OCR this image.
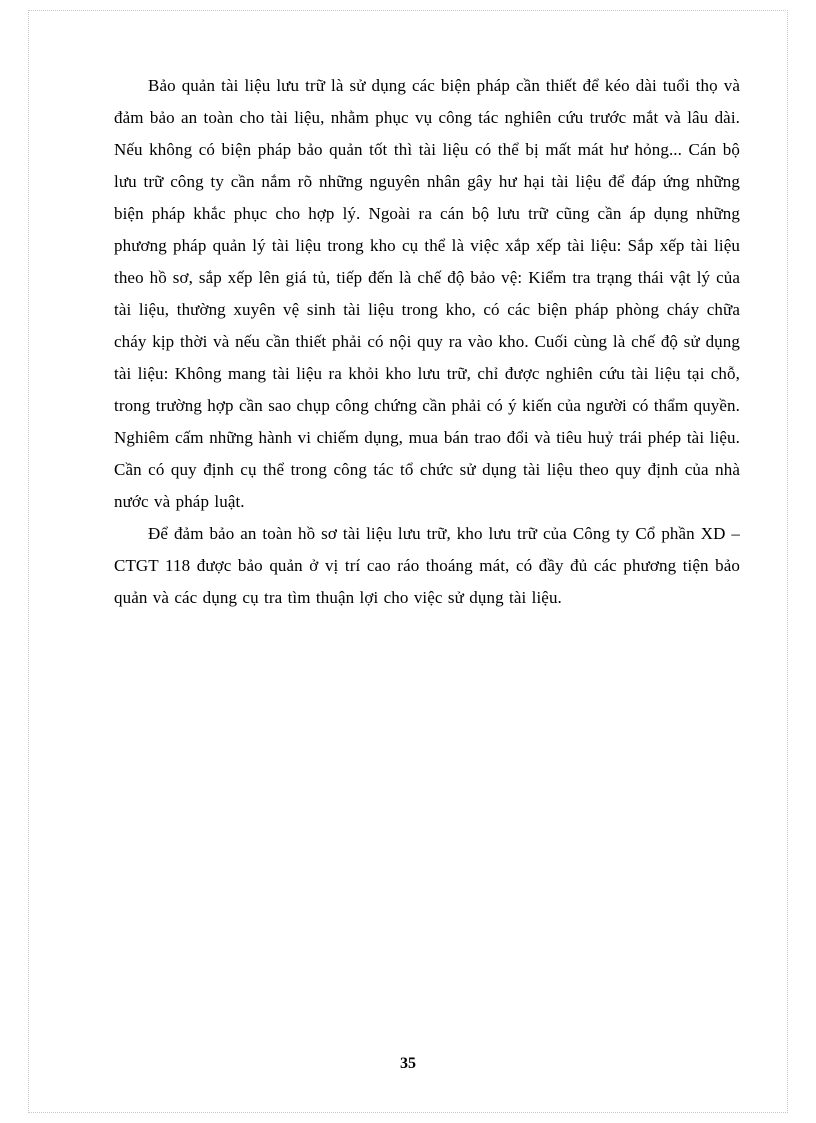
Bảo quản tài liệu lưu trữ là sử dụng các biện pháp cần thiết để kéo dài tuổi thọ và đảm bảo an toàn cho tài liệu, nhằm phục vụ công tác nghiên cứu trước mắt và lâu dài. Nếu không có biện pháp bảo quản tốt thì tài liệu có thể bị mất mát hư hỏng... Cán bộ lưu trữ công ty cần nắm rõ những nguyên nhân gây hư hại tài liệu để đáp ứng những biện pháp khắc phục cho hợp lý. Ngoài ra cán bộ lưu trữ cũng cần áp dụng những phương pháp quản lý tài liệu trong kho cụ thể là việc xắp xếp tài liệu: Sắp xếp tài liệu theo hồ sơ, sắp xếp lên giá tủ, tiếp đến là chế độ bảo vệ: Kiểm tra trạng thái vật lý của tài liệu, thường xuyên vệ sinh tài liệu trong kho, có các biện pháp phòng cháy chữa cháy kịp thời và nếu cần thiết phải có nội quy ra vào kho. Cuối cùng là chế độ sử dụng tài liệu: Không mang tài liệu ra khỏi kho lưu trữ, chỉ được nghiên cứu tài liệu tại chỗ, trong trường hợp cần sao chụp công chứng cần phải có ý kiến của người có thẩm quyền. Nghiêm cấm những hành vi chiếm dụng, mua bán trao đổi và tiêu huỷ trái phép tài liệu. Cần có quy định cụ thể trong công tác tổ chức sử dụng tài liệu theo quy định của nhà nước và pháp luật.

Để đảm bảo an toàn hồ sơ tài liệu lưu trữ, kho lưu trữ của Công ty Cổ phần XD – CTGT 118 được bảo quản ở vị trí cao ráo thoáng mát, có đầy đủ các phương tiện bảo quản và các dụng cụ tra tìm thuận lợi cho việc sử dụng tài liệu.

35
